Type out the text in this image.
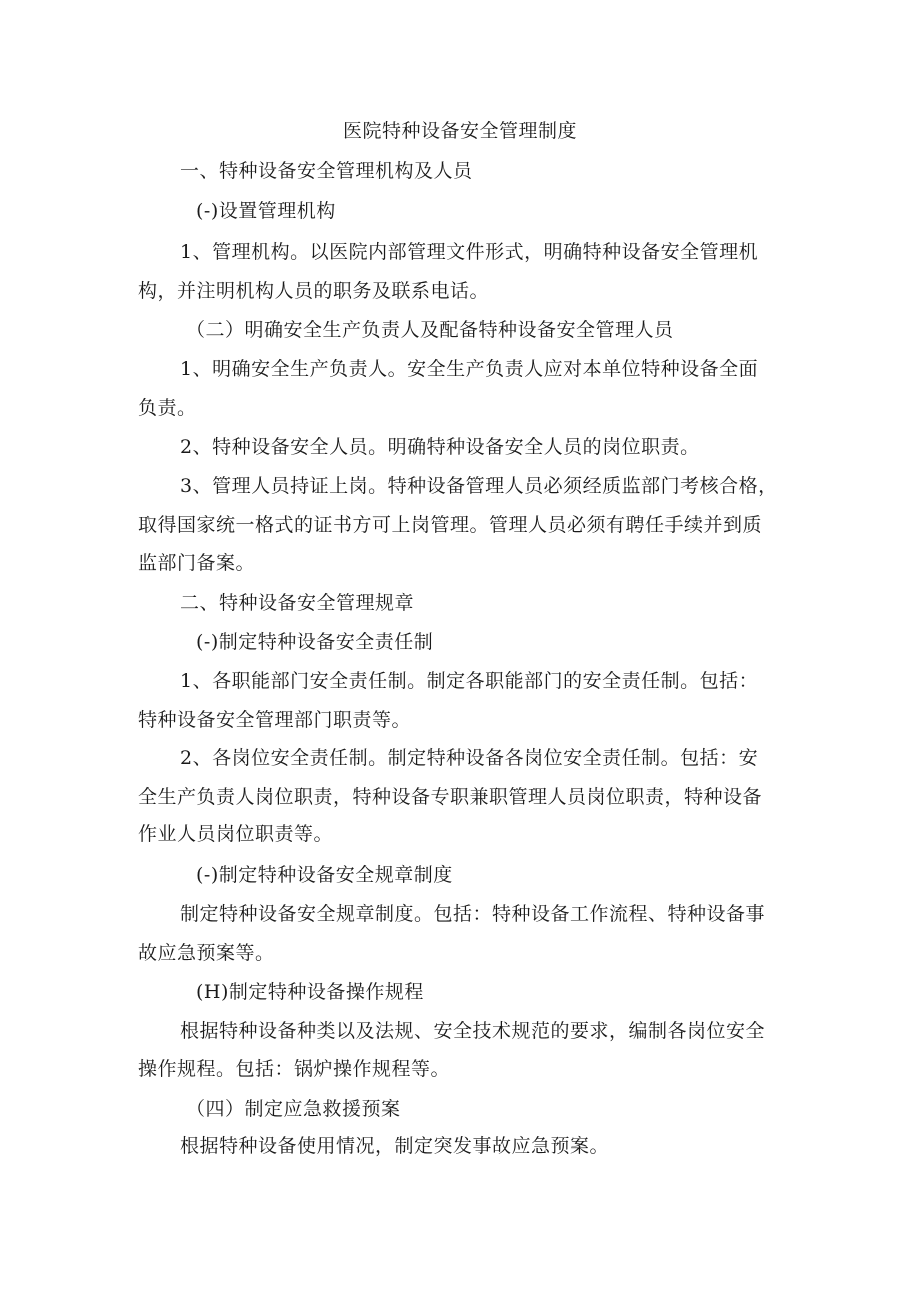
医院特种设备安全管理制度
一、特种设备安全管理机构及人员
(-)设置管理机构
1、管理机构。以医院内部管理文件形式，明确特种设备安全管理机
构，并注明机构人员的职务及联系电话。
（二）明确安全生产负责人及配备特种设备安全管理人员
1、明确安全生产负责人。安全生产负责人应对本单位特种设备全面
负责。
2、特种设备安全人员。明确特种设备安全人员的岗位职责。
3、管理人员持证上岗。特种设备管理人员必须经质监部门考核合格，
取得国家统一格式的证书方可上岗管理。管理人员必须有聘任手续并到质
监部门备案。
二、特种设备安全管理规章
(-)制定特种设备安全责任制
1、各职能部门安全责任制。制定各职能部门的安全责任制。包括：
特种设备安全管理部门职责等。
2、各岗位安全责任制。制定特种设备各岗位安全责任制。包括：安
全生产负责人岗位职责，特种设备专职兼职管理人员岗位职责，特种设备
作业人员岗位职责等。
(-)制定特种设备安全规章制度
制定特种设备安全规章制度。包括：特种设备工作流程、特种设备事
故应急预案等。
(H)制定特种设备操作规程
根据特种设备种类以及法规、安全技术规范的要求，编制各岗位安全
操作规程。包括：锅炉操作规程等。
（四）制定应急救援预案
根据特种设备使用情况，制定突发事故应急预案。
